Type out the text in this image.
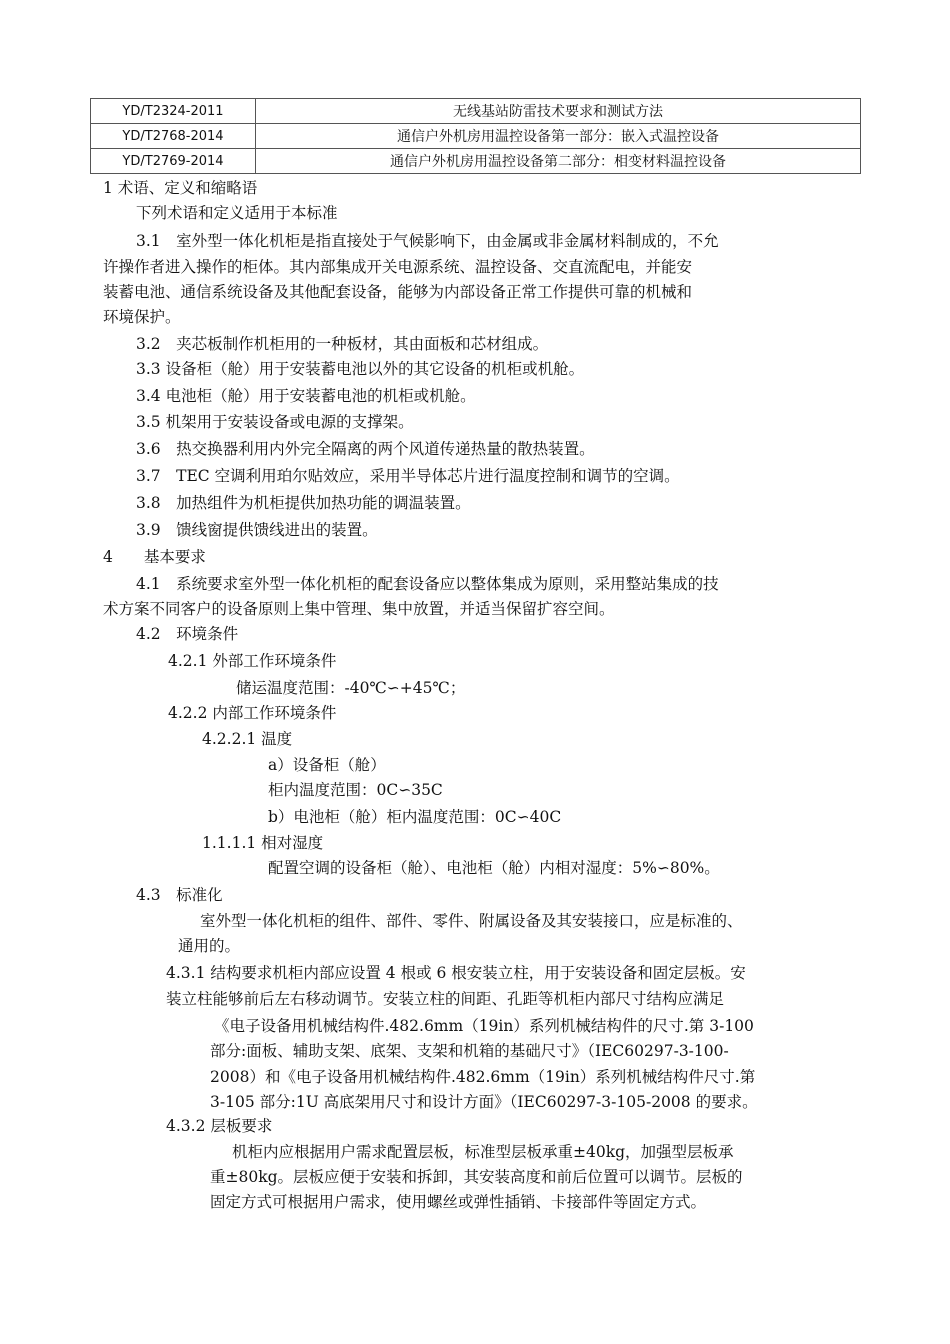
YD/T2324-2011	无线基站防雷技术要求和测试方法
YD/T2768-2014	通信户外机房用温控设备第一部分：嵌入式温控设备
YD/T2769-2014	通信户外机房用温控设备第二部分：相变材料温控设备
1 术语、定义和缩略语
下列术语和定义适用于本标准
3.1　室外型一体化机柜是指直接处于气候影响下，由金属或非金属材料制成的，不允
许操作者进入操作的柜体。其内部集成开关电源系统、温控设备、交直流配电，并能安
装蓄电池、通信系统设备及其他配套设备，能够为内部设备正常工作提供可靠的机械和
环境保护。
3.2　夹芯板制作机柜用的一种板材，其由面板和芯材组成。
3.3 设备柜（舱）用于安装蓄电池以外的其它设备的机柜或机舱。
3.4 电池柜（舱）用于安装蓄电池的机柜或机舱。
3.5 机架用于安装设备或电源的支撑架。
3.6　热交换器利用内外完全隔离的两个风道传递热量的散热装置。
3.7　TEC 空调利用珀尔贴效应，采用半导体芯片进行温度控制和调节的空调。
3.8　加热组件为机柜提供加热功能的调温装置。
3.9　馈线窗提供馈线进出的装置。
4　　基本要求
4.1　系统要求室外型一体化机柜的配套设备应以整体集成为原则，采用整站集成的技
术方案不同客户的设备原则上集中管理、集中放置，并适当保留扩容空间。
4.2　环境条件
4.2.1 外部工作环境条件
储运温度范围：-40℃∽+45℃；
4.2.2 内部工作环境条件
4.2.2.1 温度
a）设备柜（舱）
柜内温度范围：0C∽35C
b）电池柜（舱）柜内温度范围：0C∽40C
1.1.1.1 相对湿度
配置空调的设备柜（舱）、电池柜（舱）内相对湿度：5%∽80%。
4.3　标准化
室外型一体化机柜的组件、部件、零件、附属设备及其安装接口，应是标准的、
通用的。
4.3.1 结构要求机柜内部应设置 4 根或 6 根安装立柱，用于安装设备和固定层板。安
装立柱能够前后左右移动调节。安装立柱的间距、孔距等机柜内部尺寸结构应满足
《电子设备用机械结构件.482.6mm（19in）系列机械结构件的尺寸.第 3-100
部分:面板、辅助支架、底架、支架和机箱的基础尺寸》（IEC60297-3-100-
2008）和《电子设备用机械结构件.482.6mm（19in）系列机械结构件尺寸.第
3-105 部分:1U 高底架用尺寸和设计方面》（IEC60297-3-105-2008 的要求。
4.3.2 层板要求
机柜内应根据用户需求配置层板，标准型层板承重±40kg，加强型层板承
重±80kg。层板应便于安装和拆卸，其安装高度和前后位置可以调节。层板的
固定方式可根据用户需求，使用螺丝或弹性插销、卡接部件等固定方式。
